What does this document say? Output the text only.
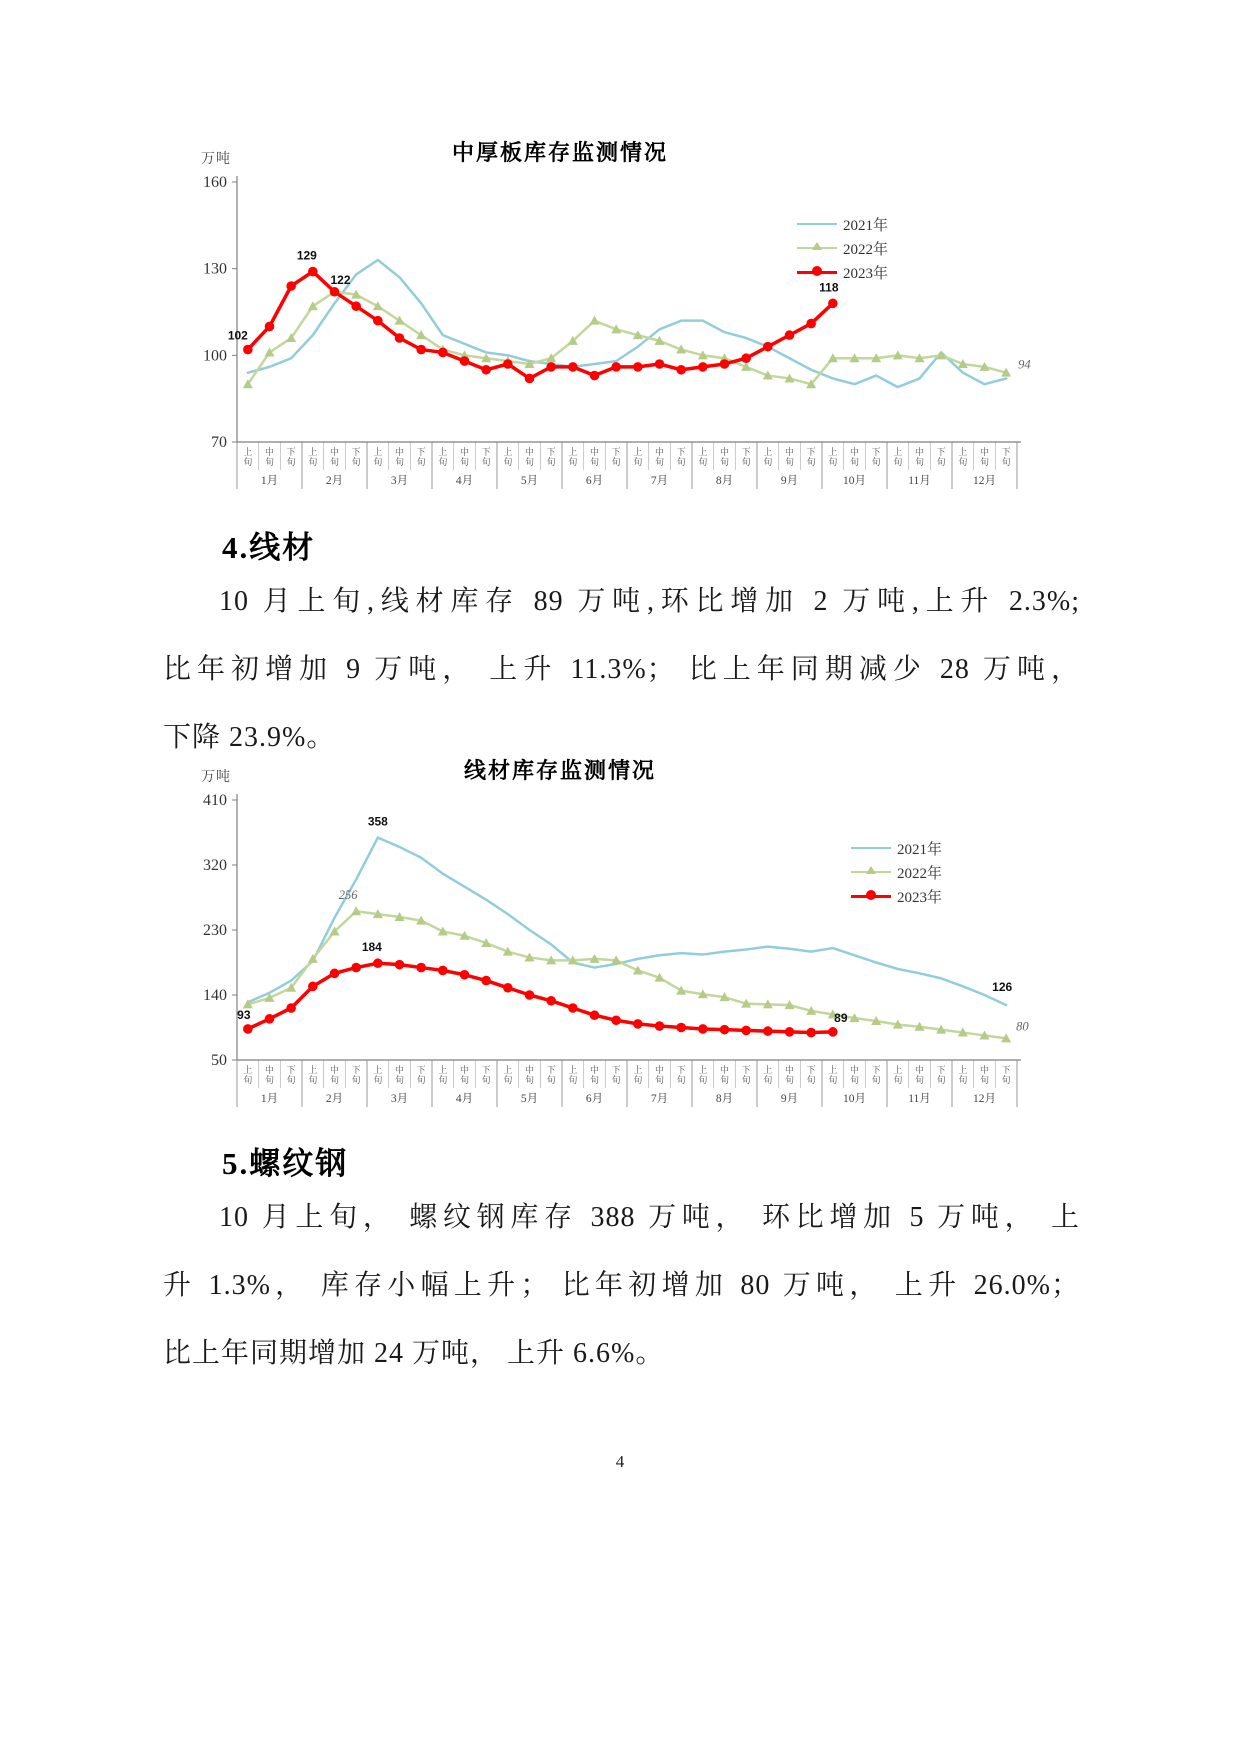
万吨	中厚板库存监测情况
70
100
130
160
上
旬
中
旬
下
旬
上
旬
中
旬
下
旬
上
旬
中
旬
下
旬
上
旬
中
旬
下
旬
上
旬
中
旬
下
旬
上
旬
中
旬
下
旬
上
旬
中
旬
下
旬
上
旬
中
旬
下
旬
上
旬
中
旬
下
旬
上
旬
中
旬
下
旬
上
旬
中
旬
下
旬
上
旬
中
旬
下
旬
1月	2月	3月	4月	5月	6月	7月	8月	9月	10月	11月	12月
102
129
122
118
94
2021年
2022年
2023年
4.线材
10 月上旬,线材库存 89 万吨,环比增加 2 万吨,上升 2.3%;
比年初增加 9 万吨， 上升 11.3%； 比上年同期减少 28 万吨，
下降 23.9%。
万吨	线材库存监测情况
50
140
230
320
410
上
旬
中
旬
下
旬
上
旬
中
旬
下
旬
上
旬
中
旬
下
旬
上
旬
中
旬
下
旬
上
旬
中
旬
下
旬
上
旬
中
旬
下
旬
上
旬
中
旬
下
旬
上
旬
中
旬
下
旬
上
旬
中
旬
下
旬
上
旬
中
旬
下
旬
上
旬
中
旬
下
旬
上
旬
中
旬
下
旬
1月	2月	3月	4月	5月	6月	7月	8月	9月	10月	11月	12月
93
358
256
184
126
89
80
2021年
2022年
2023年
5.螺纹钢
10 月上旬， 螺纹钢库存 388 万吨， 环比增加 5 万吨， 上
升 1.3%， 库存小幅上升； 比年初增加 80 万吨， 上升 26.0%；
比上年同期增加 24 万吨， 上升 6.6%。
4
